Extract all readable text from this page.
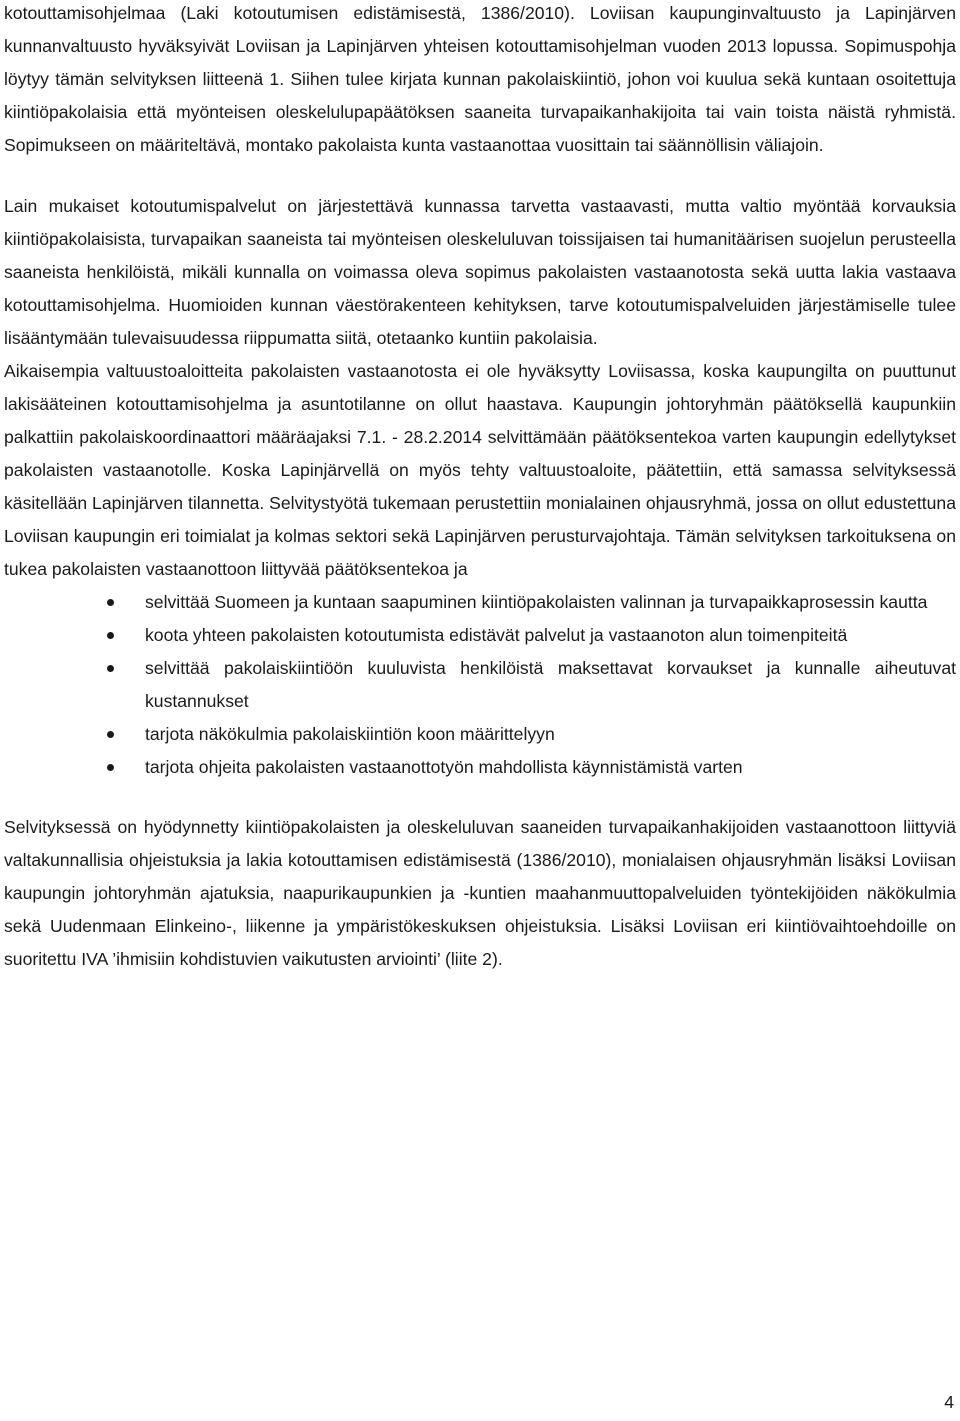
kotouttamisohjelmaa (Laki kotoutumisen edistämisestä, 1386/2010). Loviisan kaupunginvaltuusto ja Lapinjärven kunnanvaltuusto hyväksyivät Loviisan ja Lapinjärven yhteisen kotouttamisohjelman vuoden 2013 lopussa. Sopimuspohja löytyy tämän selvityksen liitteenä 1. Siihen tulee kirjata kunnan pakolaiskiintiö, johon voi kuulua sekä kuntaan osoitettuja kiintiöpakolaisia että myönteisen oleskelulupapäätöksen saaneita turvapaikanhakijoita tai vain toista näistä ryhmistä. Sopimukseen on määriteltävä, montako pakolaista kunta vastaanottaa vuosittain tai säännöllisin väliajoin.

Lain mukaiset kotoutumispalvelut on järjestettävä kunnassa tarvetta vastaavasti, mutta valtio myöntää korvauksia kiintiöpakolaisista, turvapaikan saaneista tai myönteisen oleskeluluvan toissijaisen tai humanitäärisen suojelun perusteella saaneista henkilöistä, mikäli kunnalla on voimassa oleva sopimus pakolaisten vastaanotosta sekä uutta lakia vastaava kotouttamisohjelma. Huomioiden kunnan väestörakenteen kehityksen, tarve kotoutumispalveluiden järjestämiselle tulee lisääntymään tulevaisuudessa riippumatta siitä, otetaanko kuntiin pakolaisia.

Aikaisempia valtuustoaloitteita pakolaisten vastaanotosta ei ole hyväksytty Loviisassa, koska kaupungilta on puuttunut lakisääteinen kotouttamisohjelma ja asuntotilanne on ollut haastava. Kaupungin johtoryhmän päätöksellä kaupunkiin palkattiin pakolaiskoordinaattori määräajaksi 7.1. - 28.2.2014 selvittämään päätöksentekoa varten kaupungin edellytykset pakolaisten vastaanotolle. Koska Lapinjärvellä on myös tehty valtuustoaloite, päätettiin, että samassa selvityksessä käsitellään Lapinjärven tilannetta. Selvitystyötä tukemaan perustettiin monialainen ohjausryhmä, jossa on ollut edustettuna Loviisan kaupungin eri toimialat ja kolmas sektori sekä Lapinjärven perusturvajohtaja. Tämän selvityksen tarkoituksena on tukea pakolaisten vastaanottoon liittyvää päätöksentekoa ja

selvittää Suomeen ja kuntaan saapuminen kiintiöpakolaisten valinnan ja turvapaikkaprosessin kautta
koota yhteen pakolaisten kotoutumista edistävät palvelut ja vastaanoton alun toimenpiteitä
selvittää pakolaiskiintiöön kuuluvista henkilöistä maksettavat korvaukset ja kunnalle aiheutuvat kustannukset
tarjota näkökulmia pakolaiskiintiön koon määrittelyyn
tarjota ohjeita pakolaisten vastaanottotyön mahdollista käynnistämistä varten

Selvityksessä on hyödynnetty kiintiöpakolaisten ja oleskeluluvan saaneiden turvapaikanhakijoiden vastaanottoon liittyviä valtakunnallisia ohjeistuksia ja lakia kotouttamisen edistämisestä (1386/2010), monialaisen ohjausryhmän lisäksi Loviisan kaupungin johtoryhmän ajatuksia, naapurikaupunkien ja -kuntien maahanmuuttopalveluiden työntekijöiden näkökulmia sekä Uudenmaan Elinkeino-, liikenne ja ympäristökeskuksen ohjeistuksia. Lisäksi Loviisan eri kiintiövaihtoehdoille on suoritettu IVA ’ihmisiin kohdistuvien vaikutusten arviointi’ (liite 2).

4
